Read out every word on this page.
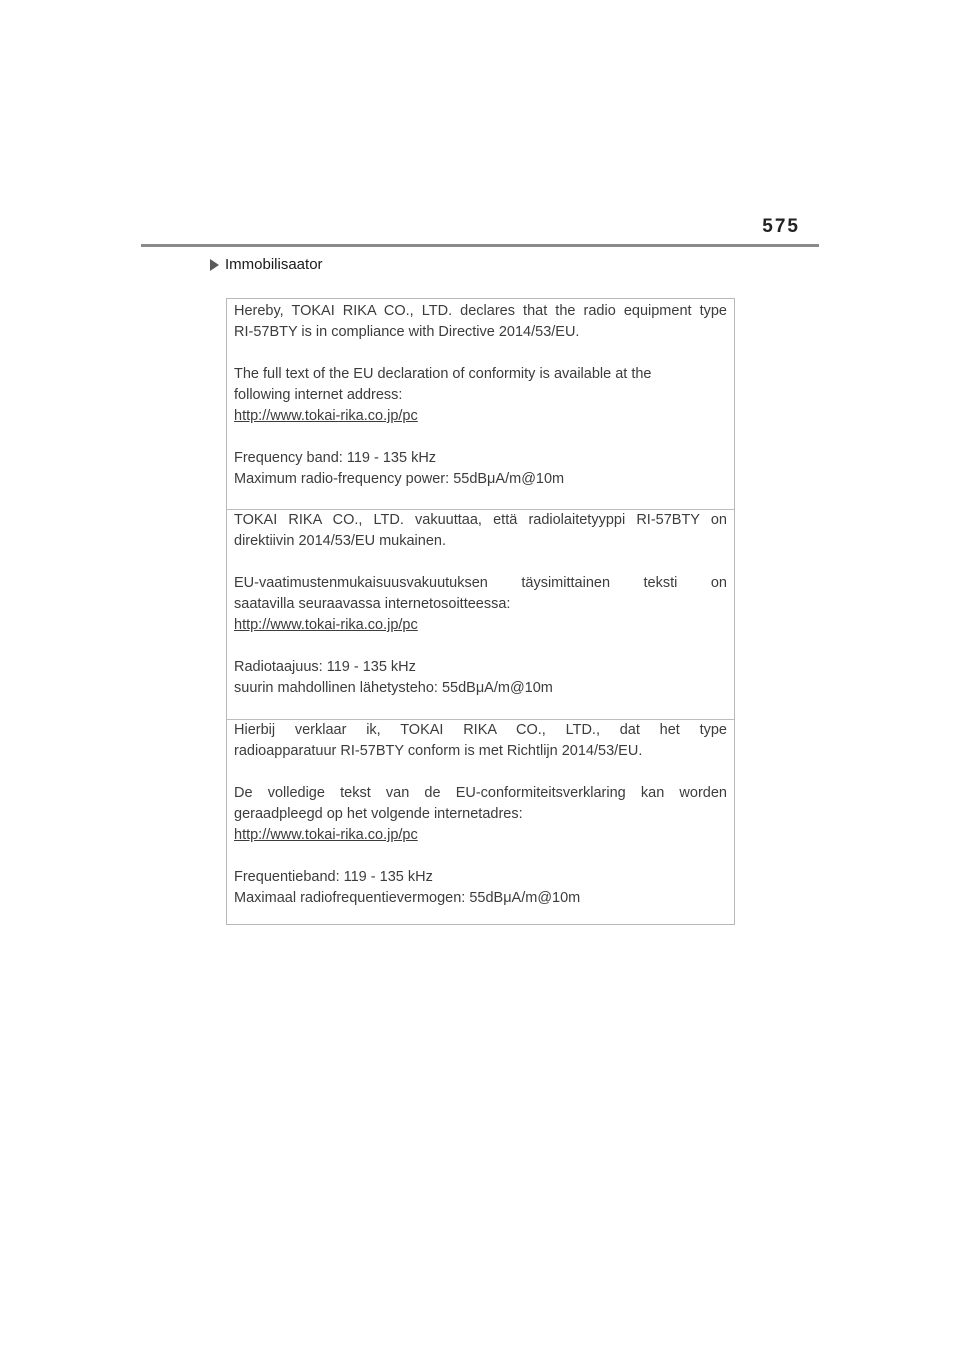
575
Immobilisaator

Hereby, TOKAI RIKA CO., LTD. declares that the radio equipment type

RI-57BTY is in compliance with Directive 2014/53/EU.

The full text of the EU declaration of conformity is available at the

following internet address:

http://www.tokai-rika.co.jp/pc

Frequency band: 119 - 135 kHz

Maximum radio-frequency power: 55dBμA/m@10m

TOKAI RIKA CO., LTD. vakuuttaa, että radiolaitetyyppi RI-57BTY on

direktiivin 2014/53/EU mukainen.

EU-vaatimustenmukaisuusvakuutuksen täysimittainen teksti on

saatavilla seuraavassa internetosoitteessa:

http://www.tokai-rika.co.jp/pc

Radiotaajuus: 119 - 135 kHz

suurin mahdollinen lähetysteho: 55dBμA/m@10m

Hierbij verklaar ik, TOKAI RIKA CO., LTD., dat het type

radioapparatuur RI-57BTY conform is met Richtlijn 2014/53/EU.

De volledige tekst van de EU-conformiteitsverklaring kan worden

geraadpleegd op het volgende internetadres:

http://www.tokai-rika.co.jp/pc

Frequentieband: 119 - 135 kHz

Maximaal radiofrequentievermogen: 55dBμA/m@10m
